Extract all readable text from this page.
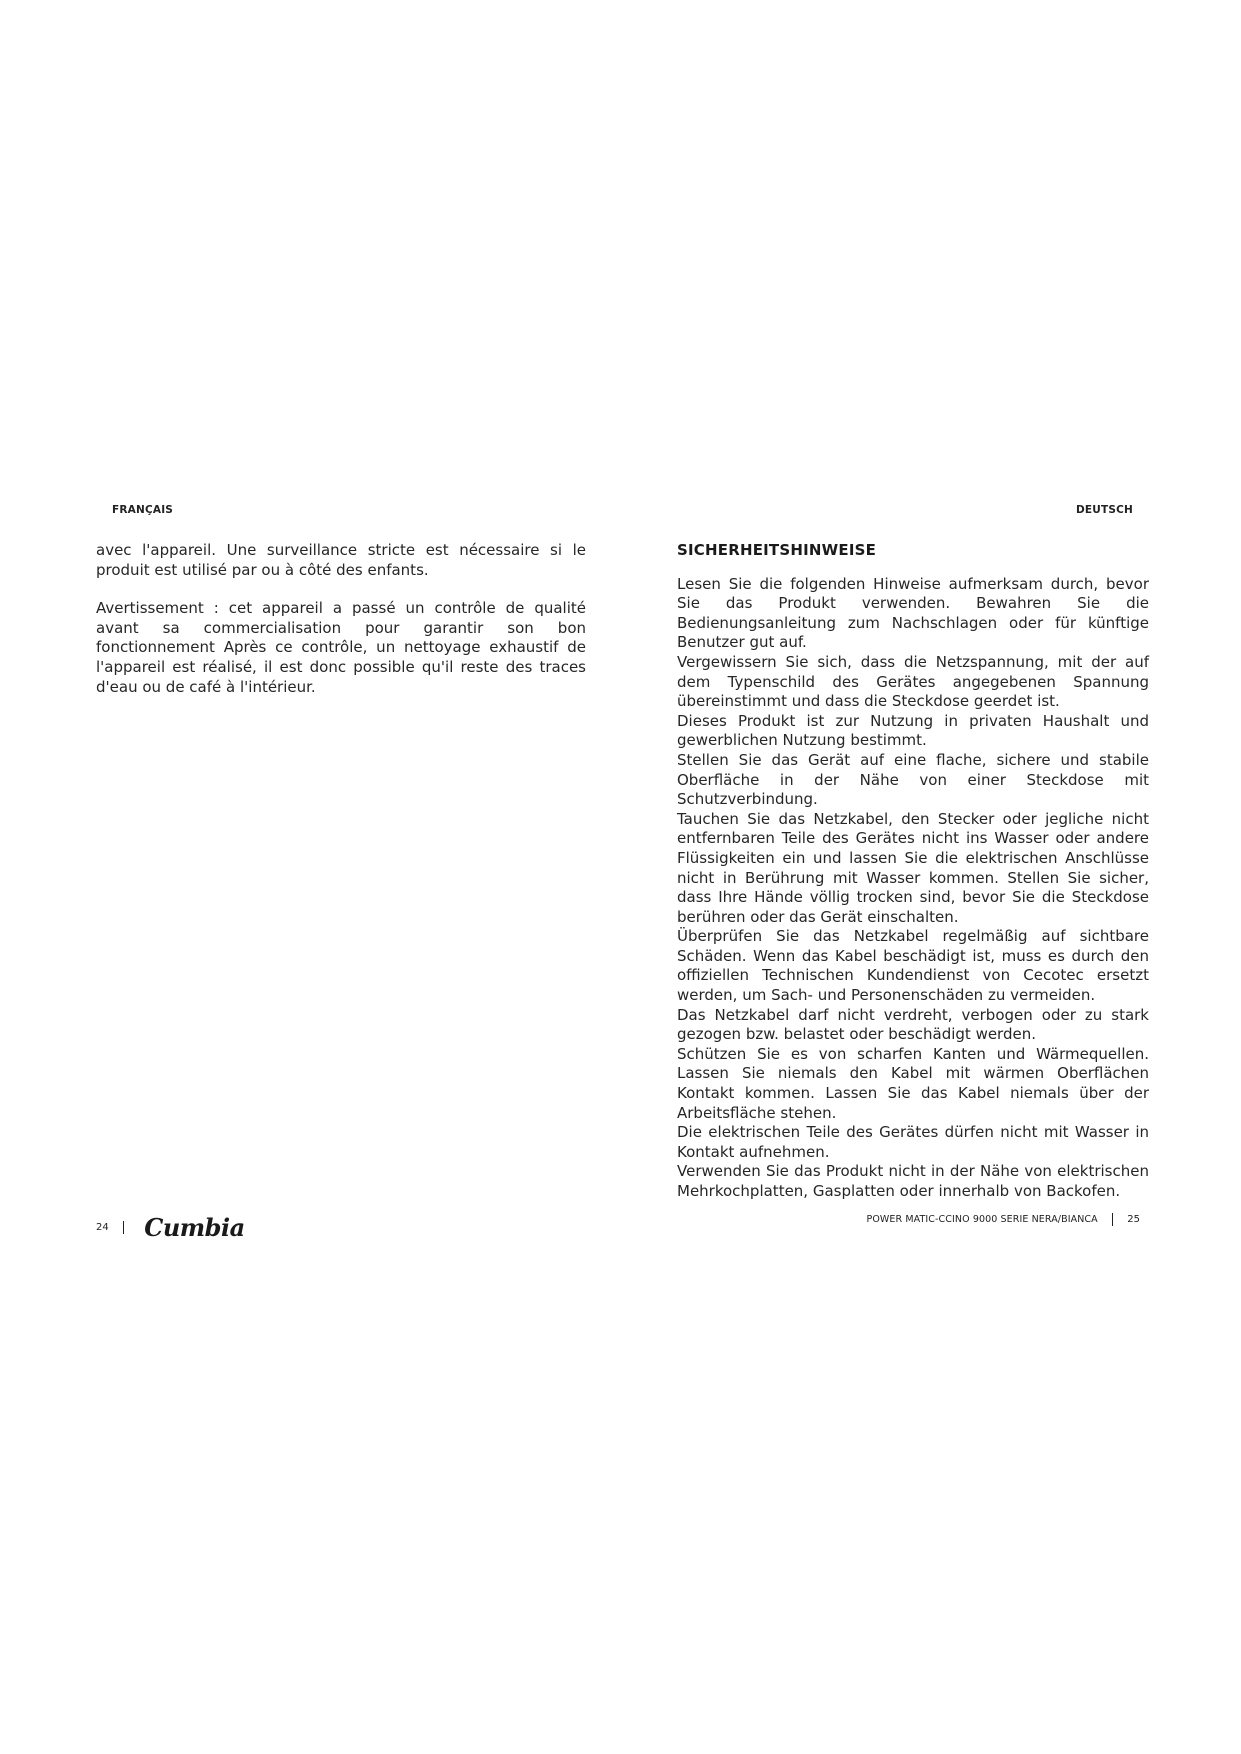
FRANÇAIS	DEUTSCH

avec l'appareil. Une surveillance stricte est nécessaire si le produit est utilisé par ou à côté des enfants.

Avertissement : cet appareil a passé un contrôle de qualité avant sa commercialisation pour garantir son bon fonctionnement Après ce contrôle, un nettoyage exhaustif de l'appareil est réalisé, il est donc possible qu'il reste des traces d'eau ou de café à l'intérieur.

SICHERHEITSHINWEISE

Lesen Sie die folgenden Hinweise aufmerksam durch, bevor Sie das Produkt verwenden. Bewahren Sie die Bedienungsanleitung zum Nachschlagen oder für künftige Benutzer gut auf.

Vergewissern Sie sich, dass die Netzspannung, mit der auf dem Typenschild des Gerätes angegebenen Spannung übereinstimmt und dass die Steckdose geerdet ist.

Dieses Produkt ist zur Nutzung in privaten Haushalt und gewerblichen Nutzung bestimmt.

Stellen Sie das Gerät auf eine flache, sichere und stabile Oberfläche in der Nähe von einer Steckdose mit Schutzverbindung.

Tauchen Sie das Netzkabel, den Stecker oder jegliche nicht entfernbaren Teile des Gerätes nicht ins Wasser oder andere Flüssigkeiten ein und lassen Sie die elektrischen Anschlüsse nicht in Berührung mit Wasser kommen. Stellen Sie sicher, dass Ihre Hände völlig trocken sind, bevor Sie die Steckdose berühren oder das Gerät einschalten.

Überprüfen Sie das Netzkabel regelmäßig auf sichtbare Schäden. Wenn das Kabel beschädigt ist, muss es durch den offiziellen Technischen Kundendienst von Cecotec ersetzt werden, um Sach- und Personenschäden zu vermeiden.

Das Netzkabel darf nicht verdreht, verbogen oder zu stark gezogen bzw. belastet oder beschädigt werden.

Schützen Sie es von scharfen Kanten und Wärmequellen. Lassen Sie niemals den Kabel mit wärmen Oberflächen Kontakt kommen. Lassen Sie das Kabel niemals über der Arbeitsfläche stehen.

Die elektrischen Teile des Gerätes dürfen nicht mit Wasser in Kontakt aufnehmen.

Verwenden Sie das Produkt nicht in der Nähe von elektrischen Mehrkochplatten, Gasplatten oder innerhalb von Backofen.

24 Cumbia	POWER MATIC-CCINO 9000 SERIE NERA/BIANCA	25
